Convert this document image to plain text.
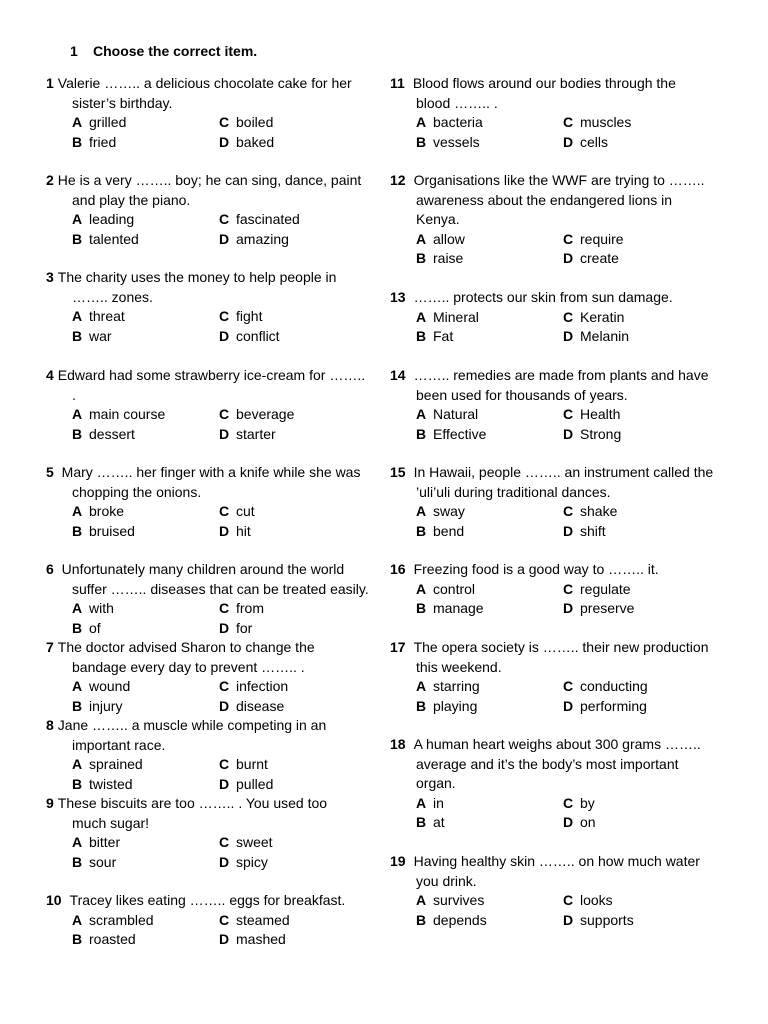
1 Choose the correct item.
1 Valerie …….. a delicious chocolate cake for her
sister’s birthday.
A grilled	C boiled
B fried	D baked
2 He is a very …….. boy; he can sing, dance, paint
and play the piano.
A leading	C fascinated
B talented	D amazing
3 The charity uses the money to help people in
…….. zones.
A threat	C fight
B war	D conflict
4 Edward had some strawberry ice-cream for ……..
.
A main course	C beverage
B dessert	D starter
5 Mary …….. her finger with a knife while she was
chopping the onions.
A broke	C cut
B bruised	D hit
6 Unfortunately many children around the world
suffer …….. diseases that can be treated easily.
A with	C from
B of	D for
7 The doctor advised Sharon to change the
bandage every day to prevent …….. .
A wound	C infection
B injury	D disease
8 Jane …….. a muscle while competing in an
important race.
A sprained	C burnt
B twisted	D pulled
9 These biscuits are too …….. . You used too
much sugar!
A bitter	C sweet
B sour	D spicy
10 Tracey likes eating …….. eggs for breakfast.
A scrambled	C steamed
B roasted	D mashed
11 Blood flows around our bodies through the
blood …….. .
A bacteria	C muscles
B vessels	D cells
12 Organisations like the WWF are trying to ……..
awareness about the endangered lions in
Kenya.
A allow	C require
B raise	D create
13 …….. protects our skin from sun damage.
A Mineral	C Keratin
B Fat	D Melanin
14 …….. remedies are made from plants and have
been used for thousands of years.
A Natural	C Health
B Effective	D Strong
15 In Hawaii, people …….. an instrument called the
’uli’uli during traditional dances.
A sway	C shake
B bend	D shift
16 Freezing food is a good way to …….. it.
A control	C regulate
B manage	D preserve
17 The opera society is …….. their new production
this weekend.
A starring	C conducting
B playing	D performing
18 A human heart weighs about 300 grams ……..
average and it’s the body’s most important
organ.
A in	C by
B at	D on
19 Having healthy skin …….. on how much water
you drink.
A survives	C looks
B depends	D supports
